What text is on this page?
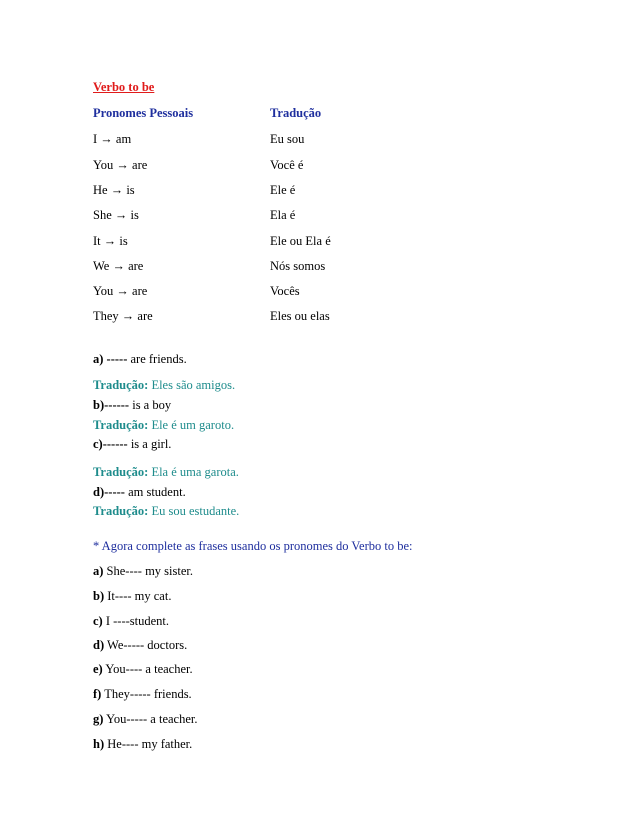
Verbo to be
Pronomes Pessoais	Tradução
I → am	Eu sou
You → are	Você é
He → is	Ele é
She → is	Ela é
It → is	Ele ou Ela é
We → are	Nós somos
You → are	Vocês
They → are	Eles ou elas
a) ----- are friends.
Tradução: Eles são amigos.
b)------ is a boy
Tradução: Ele é um garoto.
c)------ is a girl.
Tradução: Ela é uma garota.
d)----- am student.
Tradução: Eu sou estudante.
* Agora complete as frases usando os pronomes do Verbo to be:
a) She---- my sister.
b) It---- my cat.
c) I ----student.
d) We----- doctors.
e) You---- a teacher.
f) They----- friends.
g) You----- a teacher.
h) He---- my father.
